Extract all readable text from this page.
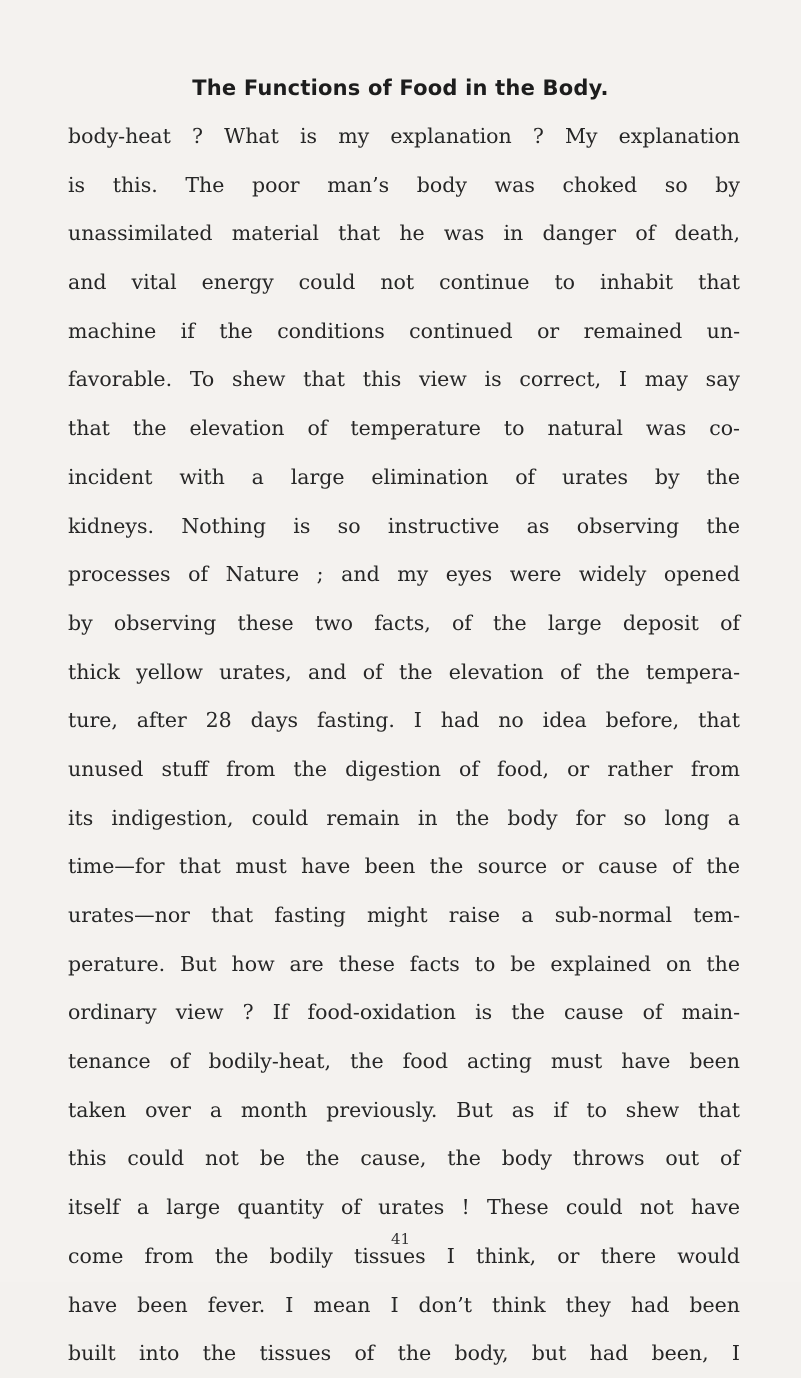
The Functions of Food in the Body.
body-heat ? What is my explanation ? My explanation
is this. The poor man’s body was choked so by
unassimilated material that he was in danger of death,
and vital energy could not continue to inhabit that
machine if the conditions continued or remained un-
favorable. To shew that this view is correct, I may say
that the elevation of temperature to natural was co-
incident with a large elimination of urates by the
kidneys. Nothing is so instructive as observing the
processes of Nature ; and my eyes were widely opened
by observing these two facts, of the large deposit of
thick yellow urates, and of the elevation of the tempera-
ture, after 28 days fasting. I had no idea before, that
unused stuff from the digestion of food, or rather from
its indigestion, could remain in the body for so long a
time—for that must have been the source or cause of the
urates—nor that fasting might raise a sub-normal tem-
perature. But how are these facts to be explained on the
ordinary view ? If food-oxidation is the cause of main-
tenance of bodily-heat, the food acting must have been
taken over a month previously. But as if to shew that
this could not be the cause, the body throws out of
itself a large quantity of urates ! These could not have
come from the bodily tissues I think, or there would
have been fever. I mean I don’t think they had been
built into the tissues of the body, but had been, I
41
